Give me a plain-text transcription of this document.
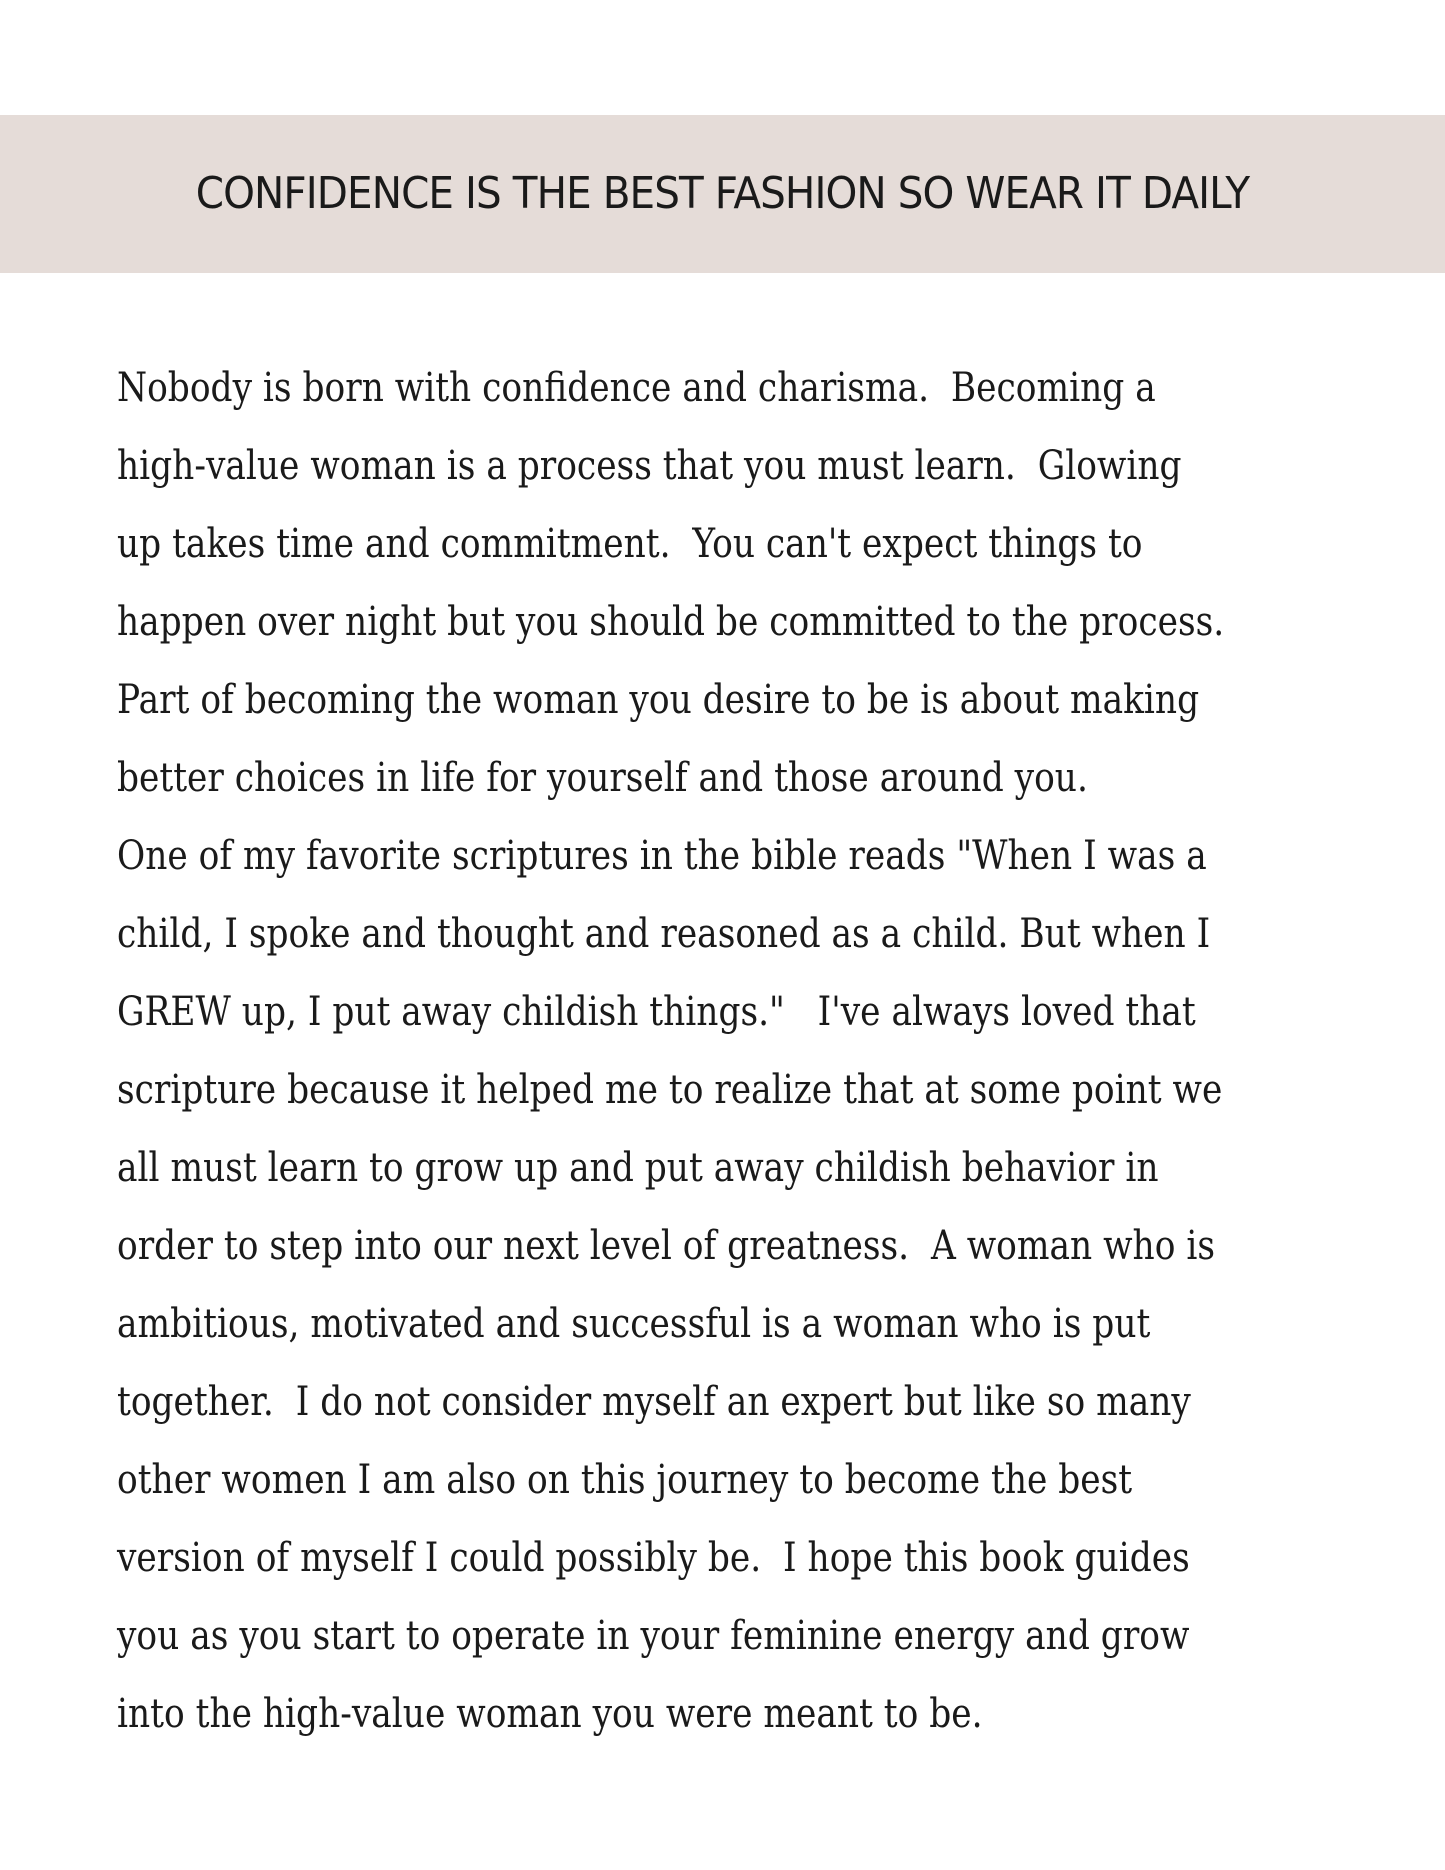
CONFIDENCE IS THE BEST FASHION SO WEAR IT DAILY
Nobody is born with confidence and charisma.  Becoming a
high-value woman is a process that you must learn.  Glowing
up takes time and commitment.  You can't expect things to
happen over night but you should be committed to the process.
Part of becoming the woman you desire to be is about making
better choices in life for yourself and those around you.
One of my favorite scriptures in the bible reads "When I was a
child, I spoke and thought and reasoned as a child. But when I
GREW up, I put away childish things."   I've always loved that
scripture because it helped me to realize that at some point we
all must learn to grow up and put away childish behavior in
order to step into our next level of greatness.  A woman who is
ambitious, motivated and successful is a woman who is put
together.  I do not consider myself an expert but like so many
other women I am also on this journey to become the best
version of myself I could possibly be.  I hope this book guides
you as you start to operate in your feminine energy and grow
into the high-value woman you were meant to be.
